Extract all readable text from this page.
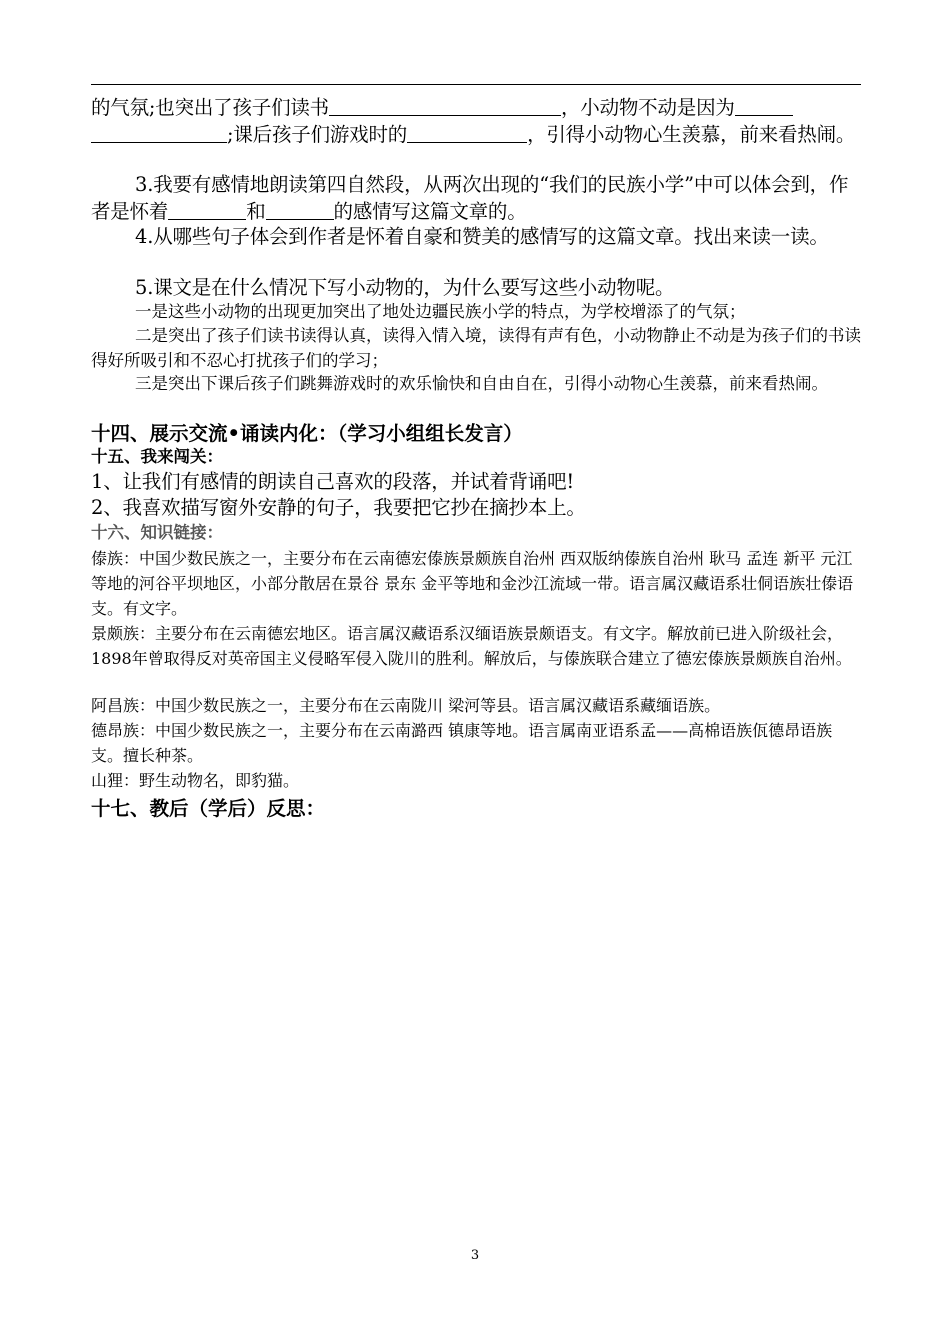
的气氛;也突出了孩子们读书	，小动物不动是因为;课后孩子们游戏时的	，引得小动物心生羡慕，前来看热闹。

3.我要有感情地朗读第四自然段，从两次出现的“我们的民族小学”中可以体会到，作者是怀着	和	的感情写这篇文章的。

4.从哪些句子体会到作者是怀着自豪和赞美的感情写的这篇文章。找出来读一读。

5.课文是在什么情况下写小动物的，为什么要写这些小动物呢。

一是这些小动物的出现更加突出了地处边疆民族小学的特点，为学校增添了的气氛；

二是突出了孩子们读书读得认真，读得入情入境，读得有声有色，小动物静止不动是为孩子们的书读得好所吸引和不忍心打扰孩子们的学习；

三是突出下课后孩子们跳舞游戏时的欢乐愉快和自由自在，引得小动物心生羡慕，前来看热闹。

十四、展示交流•诵读内化：（学习小组组长发言）

十五、我来闯关：

1、让我们有感情的朗读自己喜欢的段落，并试着背诵吧!

2、我喜欢描写窗外安静的句子，我要把它抄在摘抄本上。

十六、知识链接：

傣族：中国少数民族之一，主要分布在云南德宏傣族景颇族自治州 西双版纳傣族自治州 耿马 孟连 新平 元江等地的河谷平坝地区，小部分散居在景谷 景东 金平等地和金沙江流域一带。语言属汉藏语系壮侗语族壮傣语支。有文字。

景颇族：主要分布在云南德宏地区。语言属汉藏语系汉缅语族景颇语支。有文字。解放前已进入阶级社会，1898年曾取得反对英帝国主义侵略军侵入陇川的胜利。解放后，与傣族联合建立了德宏傣族景颇族自治州。

阿昌族：中国少数民族之一，主要分布在云南陇川 梁河等县。语言属汉藏语系藏缅语族。

德昂族：中国少数民族之一，主要分布在云南潞西 镇康等地。语言属南亚语系孟——高棉语族佤德昂语族支。擅长种茶。

山狸：野生动物名，即豹猫。

十七、教后（学后）反思：

3
